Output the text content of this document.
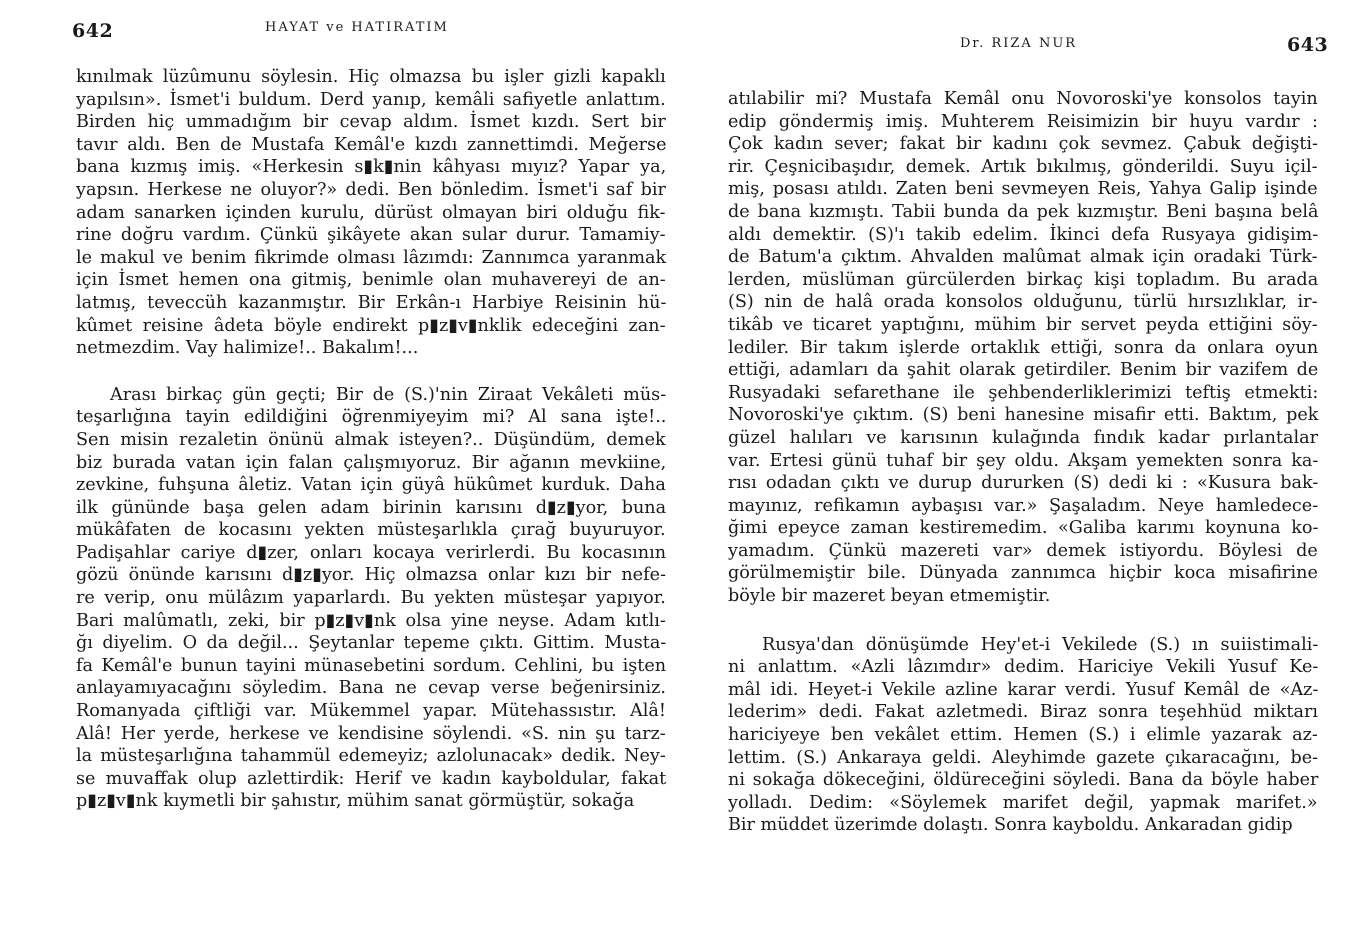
642	HAYAT ve HATIRATIM
kınılmak lüzûmunu söylesin. Hiç olmazsa bu işler gizli kapaklı
yapılsın». İsmet'i buldum. Derd yanıp, kemâli safiyetle anlattım.
Birden hiç ummadığım bir cevap aldım. İsmet kızdı. Sert bir
tavır aldı. Ben de Mustafa Kemâl'e kızdı zannettimdi. Meğerse
bana kızmış imiş. «Herkesin s▮k▮nin kâhyası mıyız? Yapar ya,
yapsın. Herkese ne oluyor?» dedi. Ben bönledim. İsmet'i saf bir
adam sanarken içinden kurulu, dürüst olmayan biri olduğu fik-
rine doğru vardım. Çünkü şikâyete akan sular durur. Tamamiy-
le makul ve benim fikrimde olması lâzımdı: Zannımca yaranmak
için İsmet hemen ona gitmiş, benimle olan muhavereyi de an-
latmış, teveccüh kazanmıştır. Bir Erkân-ı Harbiye Reisinin hü-
kûmet reisine âdeta böyle endirekt p▮z▮v▮nklik edeceğini zan-
netmezdim. Vay halimize!.. Bakalım!...
Arası birkaç gün geçti; Bir de (S.)'nin Ziraat Vekâleti müs-
teşarlığına tayin edildiğini öğrenmiyeyim mi? Al sana işte!..
Sen misin rezaletin önünü almak isteyen?.. Düşündüm, demek
biz burada vatan için falan çalışmıyoruz. Bir ağanın mevkiine,
zevkine, fuhşuna âletiz. Vatan için güyâ hükûmet kurduk. Daha
ilk gününde başa gelen adam birinin karısını d▮z▮yor, buna
mükâfaten de kocasını yekten müsteşarlıkla çırağ buyuruyor.
Padişahlar cariye d▮zer, onları kocaya verirlerdi. Bu kocasının
gözü önünde karısını d▮z▮yor. Hiç olmazsa onlar kızı bir nefe-
re verip, onu mülâzım yaparlardı. Bu yekten müsteşar yapıyor.
Bari malûmatlı, zeki, bir p▮z▮v▮nk olsa yine neyse. Adam kıtlı-
ğı diyelim. O da değil... Şeytanlar tepeme çıktı. Gittim. Musta-
fa Kemâl'e bunun tayini münasebetini sordum. Cehlini, bu işten
anlayamıyacağını söyledim. Bana ne cevap verse beğenirsiniz.
Romanyada çiftliği var. Mükemmel yapar. Mütehassıstır. Alâ!
Alâ! Her yerde, herkese ve kendisine söylendi. «S. nin şu tarz-
la müsteşarlığına tahammül edemeyiz; azlolunacak» dedik. Ney-
se muvaffak olup azlettirdik: Herif ve kadın kayboldular, fakat
p▮z▮v▮nk kıymetli bir şahıstır, mühim sanat görmüştür, sokağa
Dr. RIZA NUR	643
atılabilir mi? Mustafa Kemâl onu Novoroski'ye konsolos tayin
edip göndermiş imiş. Muhterem Reisimizin bir huyu vardır :
Çok kadın sever; fakat bir kadını çok sevmez. Çabuk değişti-
rir. Çeşnicibaşıdır, demek. Artık bıkılmış, gönderildi. Suyu içil-
miş, posası atıldı. Zaten beni sevmeyen Reis, Yahya Galip işinde
de bana kızmıştı. Tabii bunda da pek kızmıştır. Beni başına belâ
aldı demektir. (S)'ı takib edelim. İkinci defa Rusyaya gidişim-
de Batum'a çıktım. Ahvalden malûmat almak için oradaki Türk-
lerden, müslüman gürcülerden birkaç kişi topladım. Bu arada
(S) nin de halâ orada konsolos olduğunu, türlü hırsızlıklar, ir-
tikâb ve ticaret yaptığını, mühim bir servet peyda ettiğini söy-
lediler. Bir takım işlerde ortaklık ettiği, sonra da onlara oyun
ettiği, adamları da şahit olarak getirdiler. Benim bir vazifem de
Rusyadaki sefarethane ile şehbenderliklerimizi teftiş etmekti:
Novoroski'ye çıktım. (S) beni hanesine misafir etti. Baktım, pek
güzel halıları ve karısının kulağında fındık kadar pırlantalar
var. Ertesi günü tuhaf bir şey oldu. Akşam yemekten sonra ka-
rısı odadan çıktı ve durup dururken (S) dedi ki : «Kusura bak-
mayınız, refikamın aybaşısı var.» Şaşaladım. Neye hamledece-
ğimi epeyce zaman kestiremedim. «Galiba karımı koynuna ko-
yamadım. Çünkü mazereti var» demek istiyordu. Böylesi de
görülmemiştir bile. Dünyada zannımca hiçbir koca misafirine
böyle bir mazeret beyan etmemiştir.
Rusya'dan dönüşümde Hey'et-i Vekilede (S.) ın suiistimali-
ni anlattım. «Azli lâzımdır» dedim. Hariciye Vekili Yusuf Ke-
mâl idi. Heyet-i Vekile azline karar verdi. Yusuf Kemâl de «Az-
lederim» dedi. Fakat azletmedi. Biraz sonra teşehhüd miktarı
hariciyeye ben vekâlet ettim. Hemen (S.) i elimle yazarak az-
lettim. (S.) Ankaraya geldi. Aleyhimde gazete çıkaracağını, be-
ni sokağa dökeceğini, öldüreceğini söyledi. Bana da böyle haber
yolladı. Dedim: «Söylemek marifet değil, yapmak marifet.»
Bir müddet üzerimde dolaştı. Sonra kayboldu. Ankaradan gidip
